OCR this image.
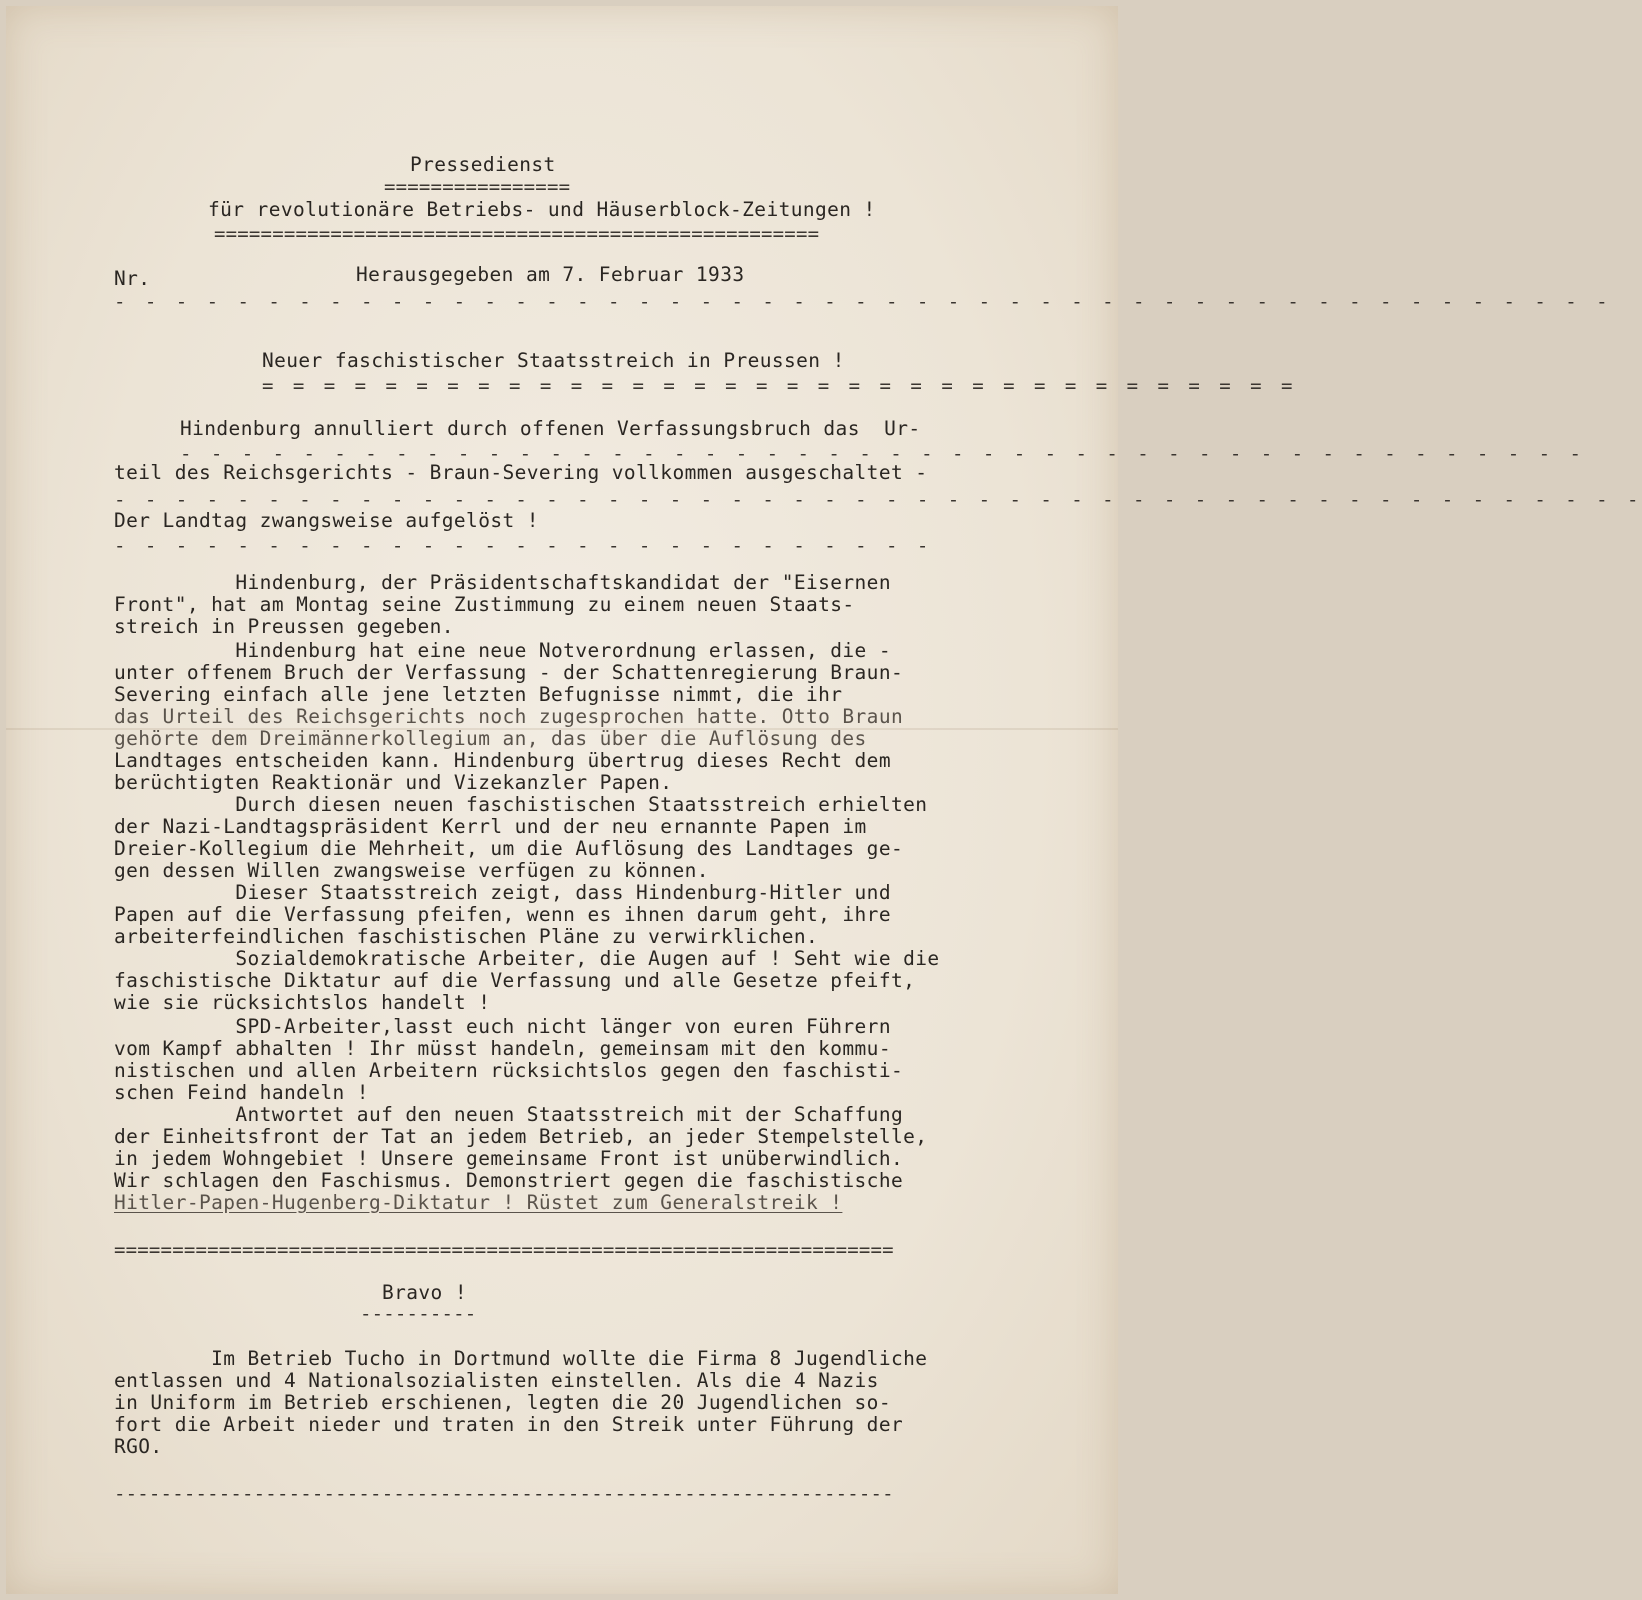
Pressedienst
================
für revolutionäre Betriebs- und Häuserblock-Zeitungen !
====================================================
Nr.	Herausgegeben am 7. Februar 1933
- - - - - - - - - - - - - - - - - - - - - - - - - - - - - - - - - - - - - - - - - - - - - - - - -
Neuer faschistischer Staatsstreich in Preussen !
= = = = = = = = = = = = = = = = = = = = = = = = = = = = = = = = = =
Hindenburg annulliert durch offenen Verfassungsbruch das  Ur-
- - - - - - - - - - - - - - - - - - - - - - - - - - - - - - - - - - - - - - - - - - - - - -
teil des Reichsgerichts - Braun-Severing vollkommen ausgeschaltet -
- - - - - - - - - - - - - - - - - - - - - - - - - - - - - - - - - - - - - - - - - - - - - - - - - -
Der Landtag zwangsweise aufgelöst !
- - - - - - - - - - - - - - - - - - - - - - - - - - -
Hindenburg, der Präsidentschaftskandidat der "Eisernen
Front", hat am Montag seine Zustimmung zu einem neuen Staats-
streich in Preussen gegeben.
Hindenburg hat eine neue Notverordnung erlassen, die -
unter offenem Bruch der Verfassung - der Schattenregierung Braun-
Severing einfach alle jene letzten Befugnisse nimmt, die ihr
das Urteil des Reichsgerichts noch zugesprochen hatte. Otto Braun
gehörte dem Dreimännerkollegium an, das über die Auflösung des
Landtages entscheiden kann. Hindenburg übertrug dieses Recht dem
berüchtigten Reaktionär und Vizekanzler Papen.
Durch diesen neuen faschistischen Staatsstreich erhielten
der Nazi-Landtagspräsident Kerrl und der neu ernannte Papen im
Dreier-Kollegium die Mehrheit, um die Auflösung des Landtages ge-
gen dessen Willen zwangsweise verfügen zu können.
Dieser Staatsstreich zeigt, dass Hindenburg-Hitler und
Papen auf die Verfassung pfeifen, wenn es ihnen darum geht, ihre
arbeiterfeindlichen faschistischen Pläne zu verwirklichen.
Sozialdemokratische Arbeiter, die Augen auf ! Seht wie die
faschistische Diktatur auf die Verfassung und alle Gesetze pfeift,
wie sie rücksichtslos handelt !
SPD-Arbeiter,lasst euch nicht länger von euren Führern
vom Kampf abhalten ! Ihr müsst handeln, gemeinsam mit den kommu-
nistischen und allen Arbeitern rücksichtslos gegen den faschisti-
schen Feind handeln !
Antwortet auf den neuen Staatsstreich mit der Schaffung
der Einheitsfront der Tat an jedem Betrieb, an jeder Stempelstelle,
in jedem Wohngebiet ! Unsere gemeinsame Front ist unüberwindlich.
Wir schlagen den Faschismus. Demonstriert gegen die faschistische
Hitler-Papen-Hugenberg-Diktatur ! Rüstet zum Generalstreik !
===================================================================
Bravo !
----------
Im Betrieb Tucho in Dortmund wollte die Firma 8 Jugendliche
entlassen und 4 Nationalsozialisten einstellen. Als die 4 Nazis
in Uniform im Betrieb erschienen, legten die 20 Jugendlichen so-
fort die Arbeit nieder und traten in den Streik unter Führung der
RGO.
-------------------------------------------------------------------
